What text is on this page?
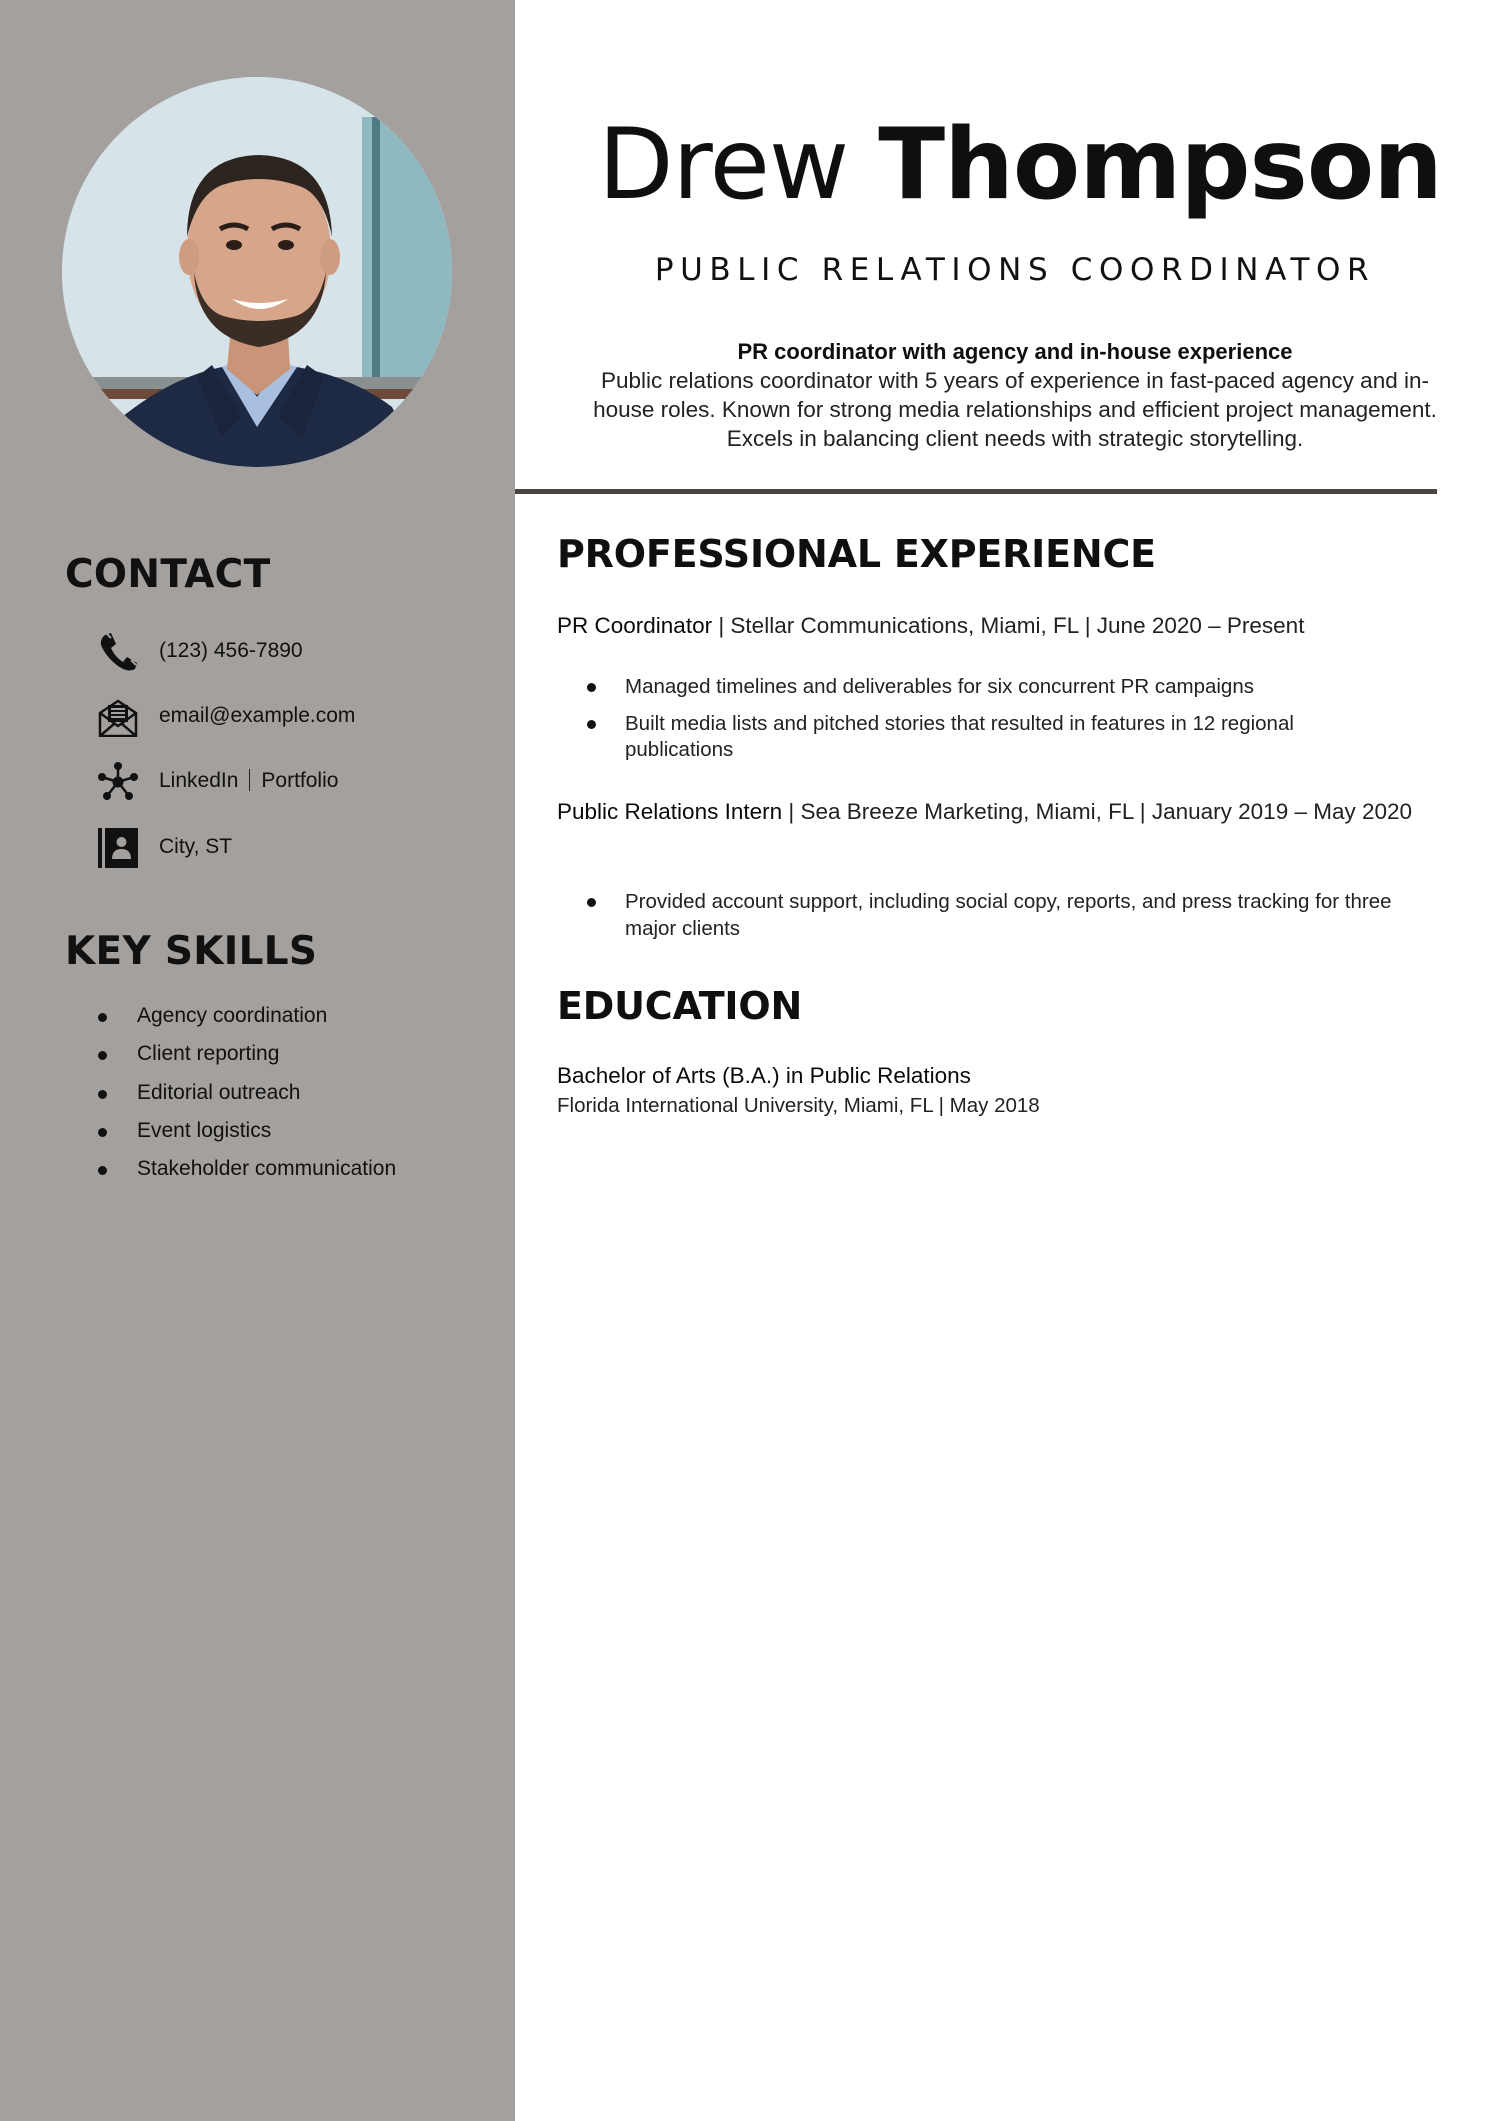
CONTACT
(123) 456-7890
email@example.com
LinkedIn Portfolio
City, ST
KEY SKILLS
Agency coordination
Client reporting
Editorial outreach
Event logistics
Stakeholder communication
Drew Thompson
PUBLIC RELATIONS COORDINATOR
PR coordinator with agency and in-house experience
Public relations coordinator with 5 years of experience in fast-paced agency and in-house roles. Known for strong media relationships and efficient project management. Excels in balancing client needs with strategic storytelling.
PROFESSIONAL EXPERIENCE
PR Coordinator | Stellar Communications, Miami, FL | June 2020 – Present
Managed timelines and deliverables for six concurrent PR campaigns
Built media lists and pitched stories that resulted in features in 12 regional publications
Public Relations Intern | Sea Breeze Marketing, Miami, FL | January 2019 – May 2020
Provided account support, including social copy, reports, and press tracking for three major clients
EDUCATION
Bachelor of Arts (B.A.) in Public Relations
Florida International University, Miami, FL | May 2018
